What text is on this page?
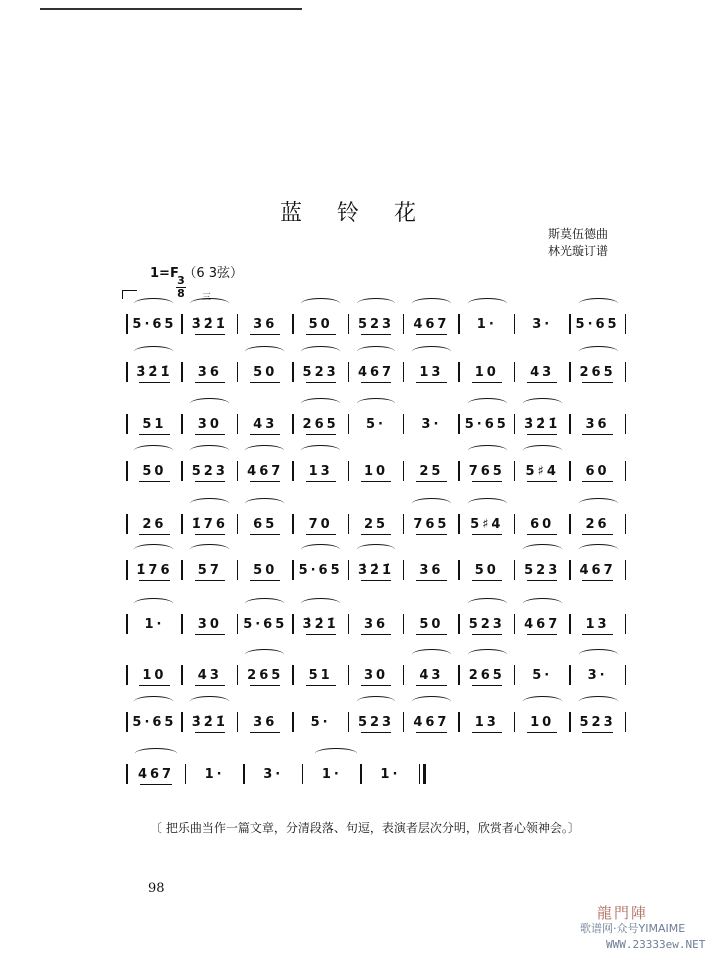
蓝 铃 花
斯莫伍德曲
林光璇订谱
1=F （6 3弦）
3
8 三
5·65	3̇2̇1̇	36	50	523	467	1·	3·	5·65
3̇2̇1̇	36	50	523	467	13	10	43	265
51	30	43	265	5·	3·	5·65	3̇2̇1̇	36
50	523	467	13	10	25	765	5♯4	60
26	1̇76	65	70	25	765	5♯4	60	26
1̇76	57	50	5·65	3̇2̇1̇	36	50	523	467
1·	30	5·65	3̇2̇1̇	36	50	523	467	13
10	43	265	51	30	43	265	5·	3·
5·65	3̇2̇1̇	36	5·	523	467	13	10	523
467	1·	3·	1·	1·
〔 把乐曲当作一篇文章，分清段落、句逗，表演者层次分明，欣赏者心领神会。〕
98
龍門陣
歌谱网·众号YIMAIME
WWW.23333ew.NET
